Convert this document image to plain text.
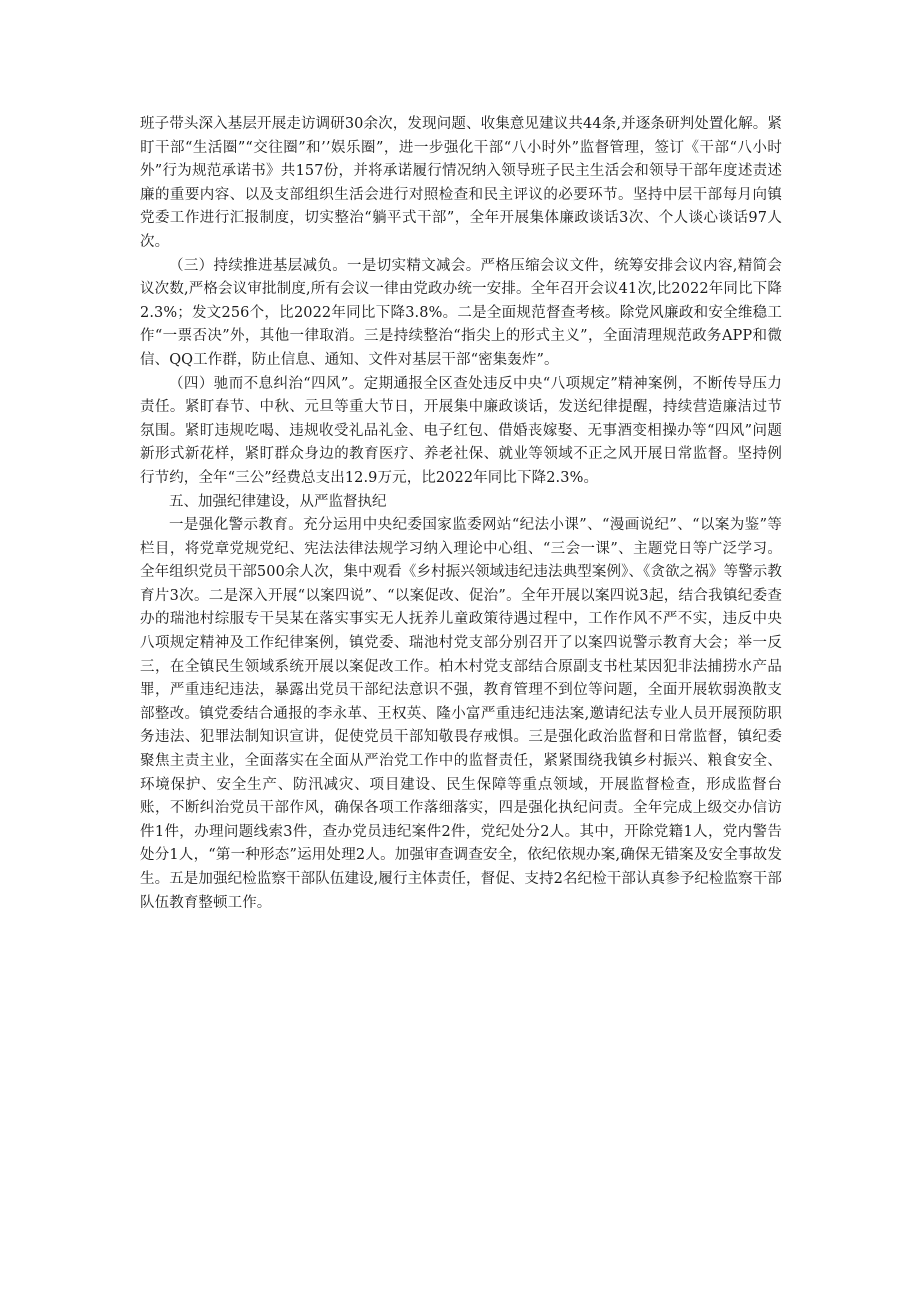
班子带头深入基层开展走访调研30余次，发现问题、收集意见建议共44条,并逐条研判处置化解。紧盯干部“生活圈”“交往圈”和’’娱乐圈”，进一步强化干部“八小时外”监督管理，签订《干部“八小时外”行为规范承诺书》共157份，并将承诺履行情况纳入领导班子民主生活会和领导干部年度述责述廉的重要内容、以及支部组织生活会进行对照检查和民主评议的必要环节。坚持中层干部每月向镇党委工作进行汇报制度，切实整治“躺平式干部”，全年开展集体廉政谈话3次、个人谈心谈话97人次。

（三）持续推进基层减负。一是切实精文减会。严格压缩会议文件，统筹安排会议内容,精简会议次数,严格会议审批制度,所有会议一律由党政办统一安排。全年召开会议41次,比2022年同比下降2.3%；发文256个，比2022年同比下降3.8%。二是全面规范督查考核。除党风廉政和安全维稳工作“一票否决”外，其他一律取消。三是持续整治“指尖上的形式主义”，全面清理规范政务APP和微信、QQ工作群，防止信息、通知、文件对基层干部“密集轰炸”。

（四）驰而不息纠治“四风”。定期通报全区查处违反中央“八项规定”精神案例，不断传导压力责任。紧盯春节、中秋、元旦等重大节日，开展集中廉政谈话，发送纪律提醒，持续营造廉洁过节氛围。紧盯违规吃喝、违规收受礼品礼金、电子红包、借婚丧嫁娶、无事酒变相操办等“四风”问题新形式新花样，紧盯群众身边的教育医疗、养老社保、就业等领域不正之风开展日常监督。坚持例行节约，全年“三公”经费总支出12.9万元，比2022年同比下降2.3%。

五、加强纪律建设，从严监督执纪

一是强化警示教育。充分运用中央纪委国家监委网站“纪法小课”、“漫画说纪”、“以案为鉴”等栏目，将党章党规党纪、宪法法律法规学习纳入理论中心组、“三会一课”、主题党日等广泛学习。全年组织党员干部500余人次，集中观看《乡村振兴领域违纪违法典型案例》、《贪欲之祸》等警示教育片3次。二是深入开展“以案四说”、“以案促改、促治”。全年开展以案四说3起，结合我镇纪委查办的瑞池村综服专干吴某在落实事实无人抚养儿童政策待遇过程中，工作作风不严不实，违反中央八项规定精神及工作纪律案例，镇党委、瑞池村党支部分别召开了以案四说警示教育大会；举一反三，在全镇民生领域系统开展以案促改工作。柏木村党支部结合原副支书杜某因犯非法捕捞水产品罪，严重违纪违法，暴露出党员干部纪法意识不强，教育管理不到位等问题，全面开展软弱涣散支部整改。镇党委结合通报的李永革、王权英、隆小富严重违纪违法案,邀请纪法专业人员开展预防职务违法、犯罪法制知识宣讲，促使党员干部知敬畏存戒惧。三是强化政治监督和日常监督，镇纪委聚焦主责主业，全面落实在全面从严治党工作中的监督责任，紧紧围绕我镇乡村振兴、粮食安全、环境保护、安全生产、防汛减灾、项目建设、民生保障等重点领域，开展监督检查，形成监督台账，不断纠治党员干部作风，确保各项工作落细落实，四是强化执纪问责。全年完成上级交办信访件1件，办理问题线索3件，查办党员违纪案件2件，党纪处分2人。其中，开除党籍1人，党内警告处分1人，“第一种形态”运用处理2人。加强审查调查安全，依纪依规办案,确保无错案及安全事故发生。五是加强纪检监察干部队伍建设,履行主体责任，督促、支持2名纪检干部认真参予纪检监察干部队伍教育整顿工作。
